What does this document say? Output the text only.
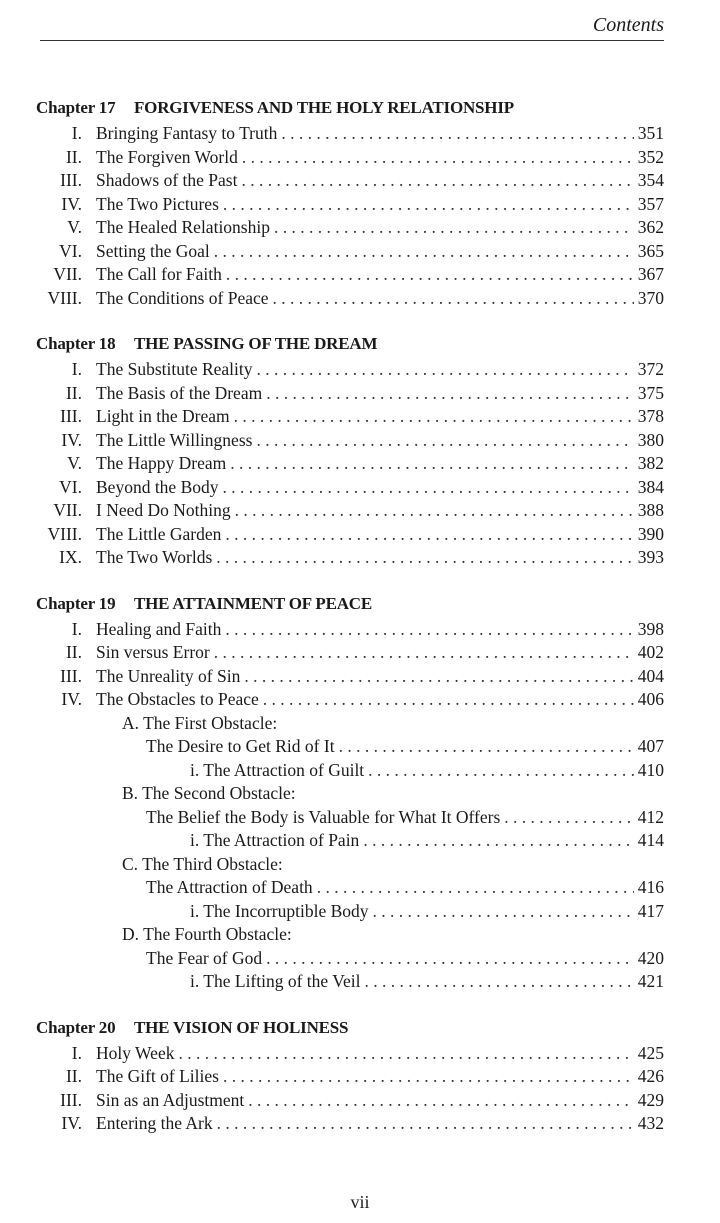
Contents
Chapter 17 FORGIVENESS AND THE HOLY RELATIONSHIP
I. Bringing Fantasy to Truth . . .	351
II. The Forgiven World . . .	352
III. Shadows of the Past . . .	354
IV. The Two Pictures . . .	357
V. The Healed Relationship . . .	362
VI. Setting the Goal . . .	365
VII. The Call for Faith . . .	367
VIII. The Conditions of Peace . . .	370
Chapter 18 THE PASSING OF THE DREAM
I. The Substitute Reality . . .	372
II. The Basis of the Dream . . .	375
III. Light in the Dream . . .	378
IV. The Little Willingness . . .	380
V. The Happy Dream . . .	382
VI. Beyond the Body . . .	384
VII. I Need Do Nothing . . .	388
VIII. The Little Garden . . .	390
IX. The Two Worlds . . .	393
Chapter 19 THE ATTAINMENT OF PEACE
I. Healing and Faith . . .	398
II. Sin versus Error . . .	402
III. The Unreality of Sin . . .	404
IV. The Obstacles to Peace . . .	406
A. The First Obstacle:
The Desire to Get Rid of It . . .	407
i. The Attraction of Guilt . . .	410
B. The Second Obstacle:
The Belief the Body is Valuable for What It Offers . . .	412
i. The Attraction of Pain . . .	414
C. The Third Obstacle:
The Attraction of Death . . .	416
i. The Incorruptible Body . . .	417
D. The Fourth Obstacle:
The Fear of God . . .	420
i. The Lifting of the Veil . . .	421
Chapter 20 THE VISION OF HOLINESS
I. Holy Week . . .	425
II. The Gift of Lilies . . .	426
III. Sin as an Adjustment . . .	429
IV. Entering the Ark . . .	432
vii
